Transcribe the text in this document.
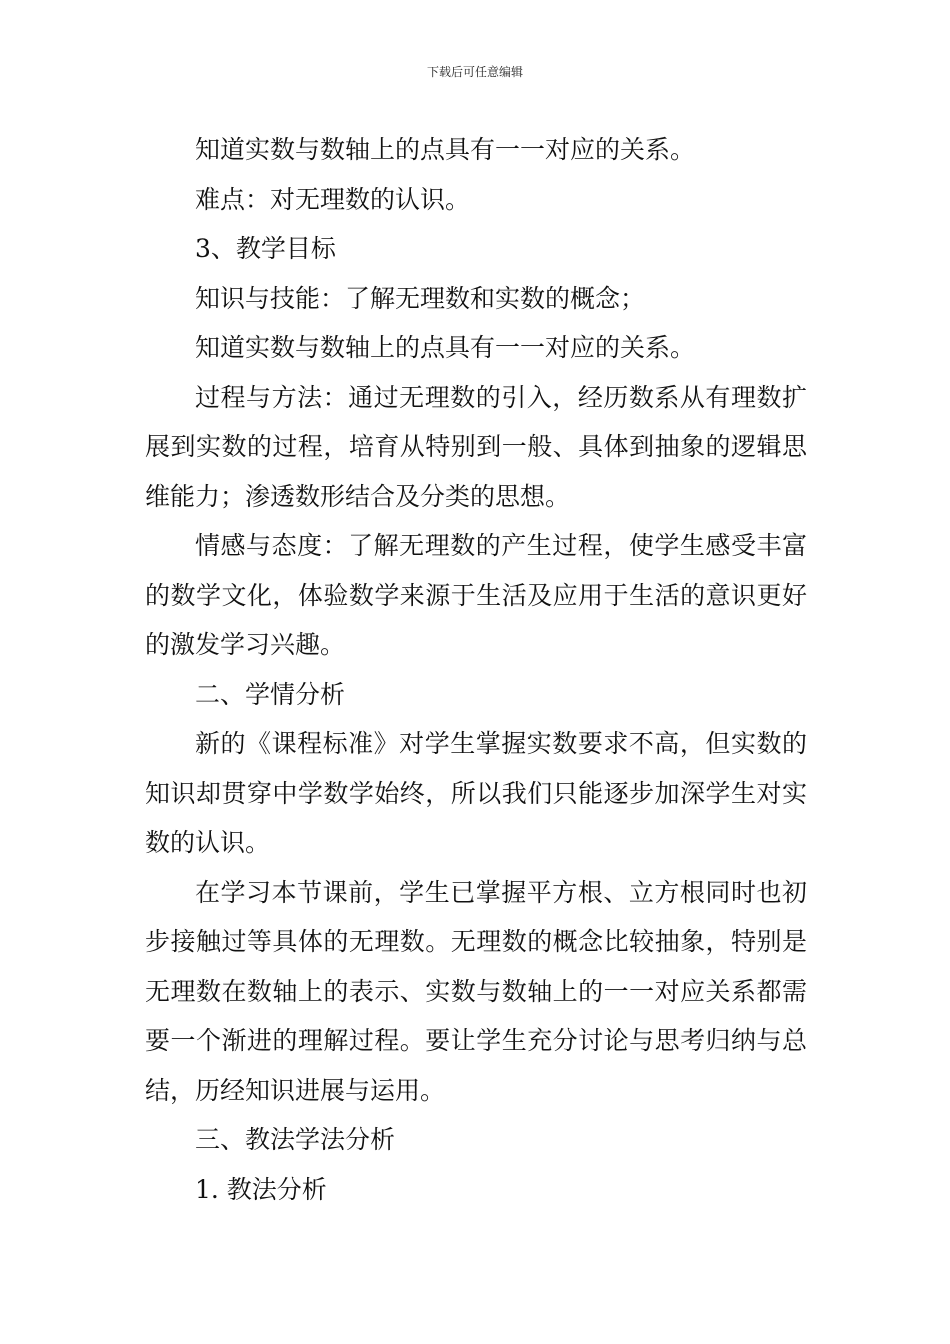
下载后可任意编辑

知道实数与数轴上的点具有一一对应的关系。

难点：对无理数的认识。

3、教学目标

知识与技能：了解无理数和实数的概念；

知道实数与数轴上的点具有一一对应的关系。

过程与方法：通过无理数的引入，经历数系从有理数扩展到实数的过程，培育从特别到一般、具体到抽象的逻辑思维能力；渗透数形结合及分类的思想。

情感与态度：了解无理数的产生过程，使学生感受丰富的数学文化，体验数学来源于生活及应用于生活的意识更好的激发学习兴趣。

二、学情分析

新的《课程标准》对学生掌握实数要求不高，但实数的知识却贯穿中学数学始终，所以我们只能逐步加深学生对实数的认识。

在学习本节课前，学生已掌握平方根、立方根同时也初步接触过等具体的无理数。无理数的概念比较抽象，特别是无理数在数轴上的表示、实数与数轴上的一一对应关系都需要一个渐进的理解过程。要让学生充分讨论与思考归纳与总结，历经知识进展与运用。

三、教法学法分析

1. 教法分析
